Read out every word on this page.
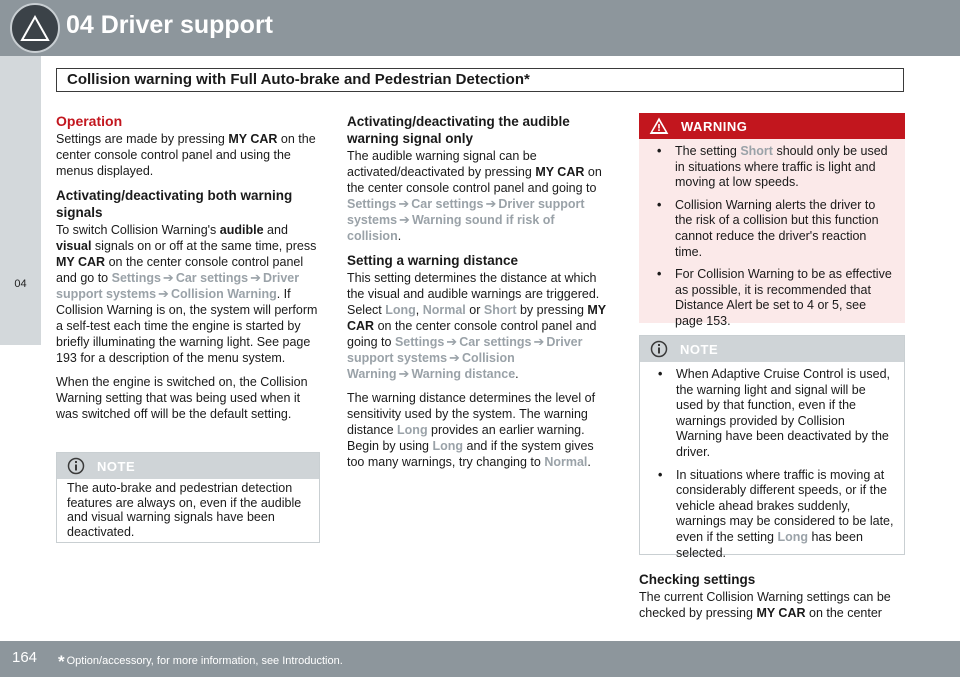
04 Driver support
Collision warning with Full Auto-brake and Pedestrian Detection*
04
Operation

Settings are made by pressing MY CAR on the center console control panel and using the menus displayed.

Activating/deactivating both warning signals

To switch Collision Warning's audible and visual signals on or off at the same time, press MY CAR on the center console control panel and go to Settings ➔ Car settings ➔ Driver support systems ➔ Collision Warning. If Collision Warning is on, the system will perform a self-test each time the engine is started by briefly illuminating the warning light. See page 193 for a description of the menu system.

When the engine is switched on, the Collision Warning setting that was being used when it was switched off will be the default setting.

NOTE
The auto-brake and pedestrian detection features are always on, even if the audible and visual warning signals have been deactivated.
Activating/deactivating the audible warning signal only

The audible warning signal can be activated/deactivated by pressing MY CAR on the center console control panel and going to Settings ➔ Car settings ➔ Driver support systems ➔ Warning sound if risk of collision.

Setting a warning distance

This setting determines the distance at which the visual and audible warnings are triggered. Select Long, Normal or Short by pressing MY CAR on the center console control panel and going to Settings ➔ Car settings ➔ Driver support systems ➔ Collision Warning ➔ Warning distance.

The warning distance determines the level of sensitivity used by the system. The warning distance Long provides an earlier warning. Begin by using Long and if the system gives too many warnings, try changing to Normal.

WARNING
•	The setting Short should only be used in situations where traffic is light and moving at low speeds.
•	Collision Warning alerts the driver to the risk of a collision but this function cannot reduce the driver's reaction time.
•	For Collision Warning to be as effective as possible, it is recommended that Distance Alert be set to 4 or 5, see page 153.
NOTE
•	When Adaptive Cruise Control is used, the warning light and signal will be used by that function, even if the warnings provided by Collision Warning have been deactivated by the driver.
•	In situations where traffic is moving at considerably different speeds, or if the vehicle ahead brakes suddenly, warnings may be considered to be late, even if the setting Long has been selected.
Checking settings

The current Collision Warning settings can be checked by pressing MY CAR on the center

164 * Option/accessory, for more information, see Introduction.
